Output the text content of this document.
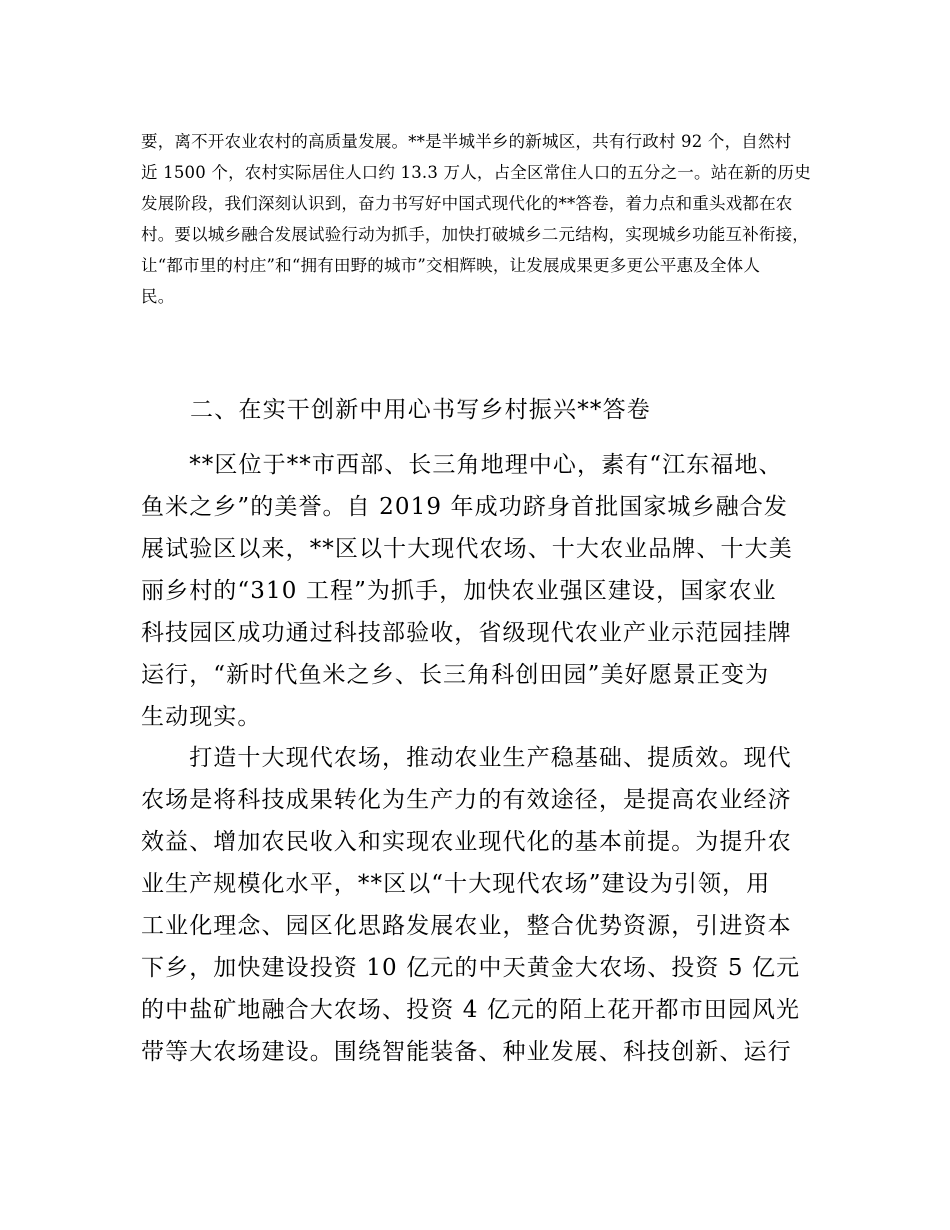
要，离不开农业农村的高质量发展。**是半城半乡的新城区，共有行政村 92 个，自然村
近 1500 个，农村实际居住人口约 13.3 万人，占全区常住人口的五分之一。站在新的历史
发展阶段，我们深刻认识到，奋力书写好中国式现代化的**答卷，着力点和重头戏都在农
村。要以城乡融合发展试验行动为抓手，加快打破城乡二元结构，实现城乡功能互补衔接，
让“都市里的村庄”和“拥有田野的城市”交相辉映，让发展成果更多更公平惠及全体人
民。
二、在实干创新中用心书写乡村振兴**答卷
　　**区位于**市西部、长三角地理中心，素有“江东福地、
鱼米之乡”的美誉。自 2019 年成功跻身首批国家城乡融合发
展试验区以来，**区以十大现代农场、十大农业品牌、十大美
丽乡村的“310 工程”为抓手，加快农业强区建设，国家农业
科技园区成功通过科技部验收，省级现代农业产业示范园挂牌
运行，“新时代鱼米之乡、长三角科创田园”美好愿景正变为
生动现实。
　　打造十大现代农场，推动农业生产稳基础、提质效。现代
农场是将科技成果转化为生产力的有效途径，是提高农业经济
效益、增加农民收入和实现农业现代化的基本前提。为提升农
业生产规模化水平，**区以“十大现代农场”建设为引领，用
工业化理念、园区化思路发展农业，整合优势资源，引进资本
下乡，加快建设投资 10 亿元的中天黄金大农场、投资 5 亿元
的中盐矿地融合大农场、投资 4 亿元的陌上花开都市田园风光
带等大农场建设。围绕智能装备、种业发展、科技创新、运行
